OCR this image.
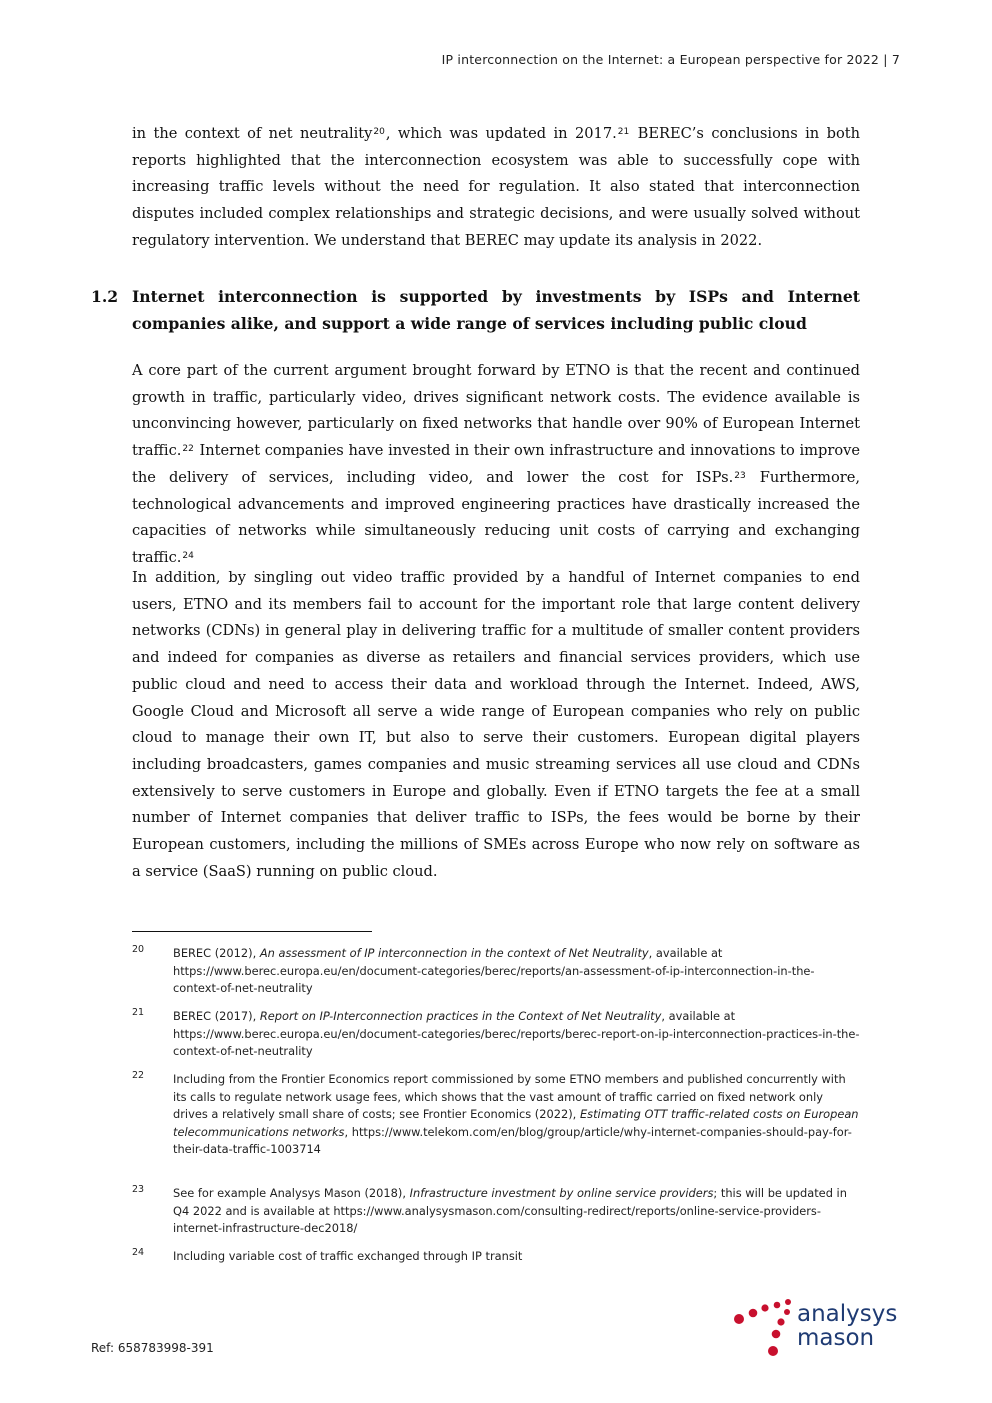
IP interconnection on the Internet: a European perspective for 2022 | 7

in the context of net neutrality$^{20}$, which was updated in 2017.21 BEREC’s conclusions in both reports highlighted that the interconnection ecosystem was able to successfully cope with increasing traffic levels without the need for regulation. It also stated that interconnection disputes included complex relationships and strategic decisions, and were usually solved without regulatory intervention. We understand that BEREC may update its analysis in 2022.

1.2 Internet interconnection is supported by investments by ISPs and Internet companies alike, and support a wide range of services including public cloud

A core part of the current argument brought forward by ETNO is that the recent and continued growth in traffic, particularly video, drives significant network costs. The evidence available is unconvincing however, particularly on fixed networks that handle over 90% of European Internet traffic.$^{22}$ Internet companies have invested in their own infrastructure and innovations to improve the delivery of services, including video, and lower the cost for ISPs.$^{23}$ Furthermore, technological advancements and improved engineering practices have drastically increased the capacities of networks while simultaneously reducing unit costs of carrying and exchanging traffic.$^{24}$

In addition, by singling out video traffic provided by a handful of Internet companies to end users, ETNO and its members fail to account for the important role that large content delivery networks (CDNs) in general play in delivering traffic for a multitude of smaller content providers and indeed for companies as diverse as retailers and financial services providers, which use public cloud and need to access their data and workload through the Internet. Indeed, AWS, Google Cloud and Microsoft all serve a wide range of European companies who rely on public cloud to manage their own IT, but also to serve their customers. European digital players including broadcasters, games companies and music streaming services all use cloud and CDNs extensively to serve customers in Europe and globally. Even if ETNO targets the fee at a small number of Internet companies that deliver traffic to ISPs, the fees would be borne by their European customers, including the millions of SMEs across Europe who now rely on software as a service (SaaS) running on public cloud.

20	BEREC (2012), An assessment of IP interconnection in the context of Net Neutrality, available at https://www.berec.europa.eu/en/document-categories/berec/reports/an-assessment-of-ip-interconnection-in-the-context-of-net-neutrality
21	BEREC (2017), Report on IP-Interconnection practices in the Context of Net Neutrality, available at https://www.berec.europa.eu/en/document-categories/berec/reports/berec-report-on-ip-interconnection-practices-in-the-context-of-net-neutrality
22	Including from the Frontier Economics report commissioned by some ETNO members and published concurrently with its calls to regulate network usage fees, which shows that the vast amount of traffic carried on fixed network only drives a relatively small share of costs; see Frontier Economics (2022), Estimating OTT traffic-related costs on European telecommunications networks, https://www.telekom.com/en/blog/group/article/why-internet-companies-should-pay-for-their-data-traffic-1003714
23	See for example Analysys Mason (2018), Infrastructure investment by online service providers; this will be updated in Q4 2022 and is available at https://www.analysysmason.com/consulting-redirect/reports/online-service-providers-internet-infrastructure-dec2018/
24	Including variable cost of traffic exchanged through IP transit
Ref: 658783998-391
analysys
mason
